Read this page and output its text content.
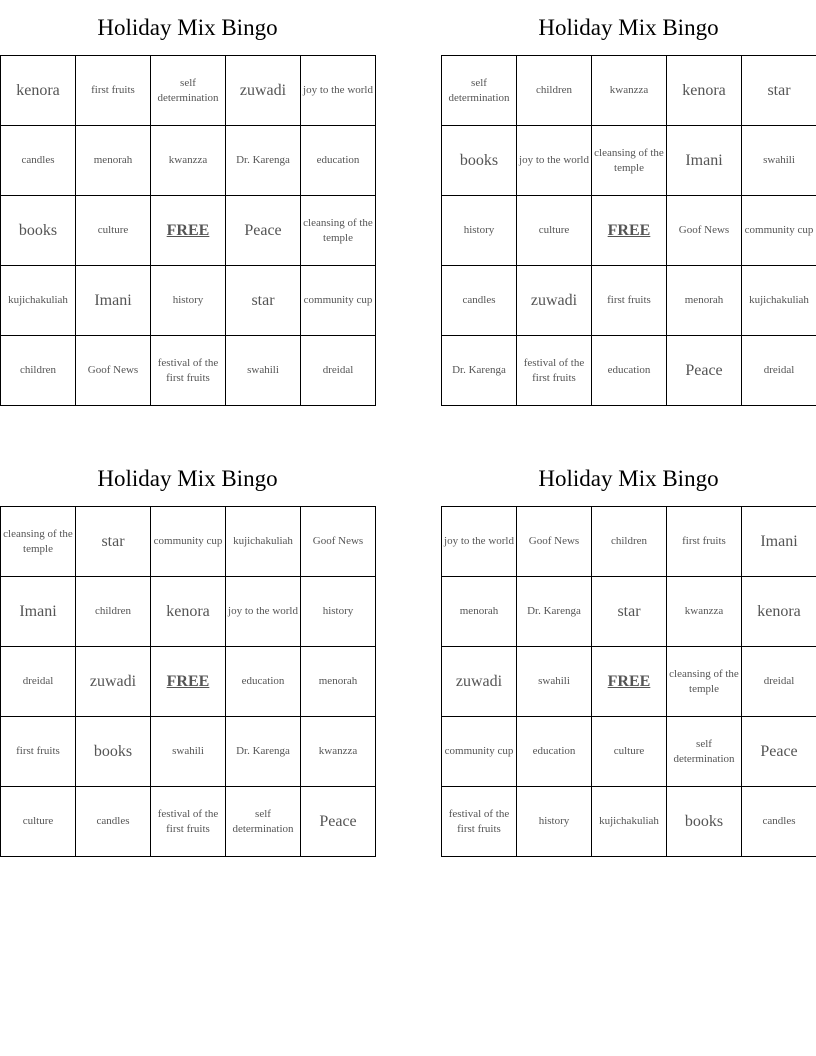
Holiday Mix Bingo
kenora	first fruits	self determination	zuwadi	joy to the world
candles	menorah	kwanzza	Dr. Karenga	education
books	culture	FREE	Peace	cleansing of the temple
kujichakuliah	Imani	history	star	community cup
children	Goof News	festival of the first fruits	swahili	dreidal
Holiday Mix Bingo
self determination	children	kwanzza	kenora	star
books	joy to the world	cleansing of the temple	Imani	swahili
history	culture	FREE	Goof News	community cup
candles	zuwadi	first fruits	menorah	kujichakuliah
Dr. Karenga	festival of the first fruits	education	Peace	dreidal
Holiday Mix Bingo
cleansing of the temple	star	community cup	kujichakuliah	Goof News
Imani	children	kenora	joy to the world	history
dreidal	zuwadi	FREE	education	menorah
first fruits	books	swahili	Dr. Karenga	kwanzza
culture	candles	festival of the first fruits	self determination	Peace
Holiday Mix Bingo
joy to the world	Goof News	children	first fruits	Imani
menorah	Dr. Karenga	star	kwanzza	kenora
zuwadi	swahili	FREE	cleansing of the temple	dreidal
community cup	education	culture	self determination	Peace
festival of the first fruits	history	kujichakuliah	books	candles
